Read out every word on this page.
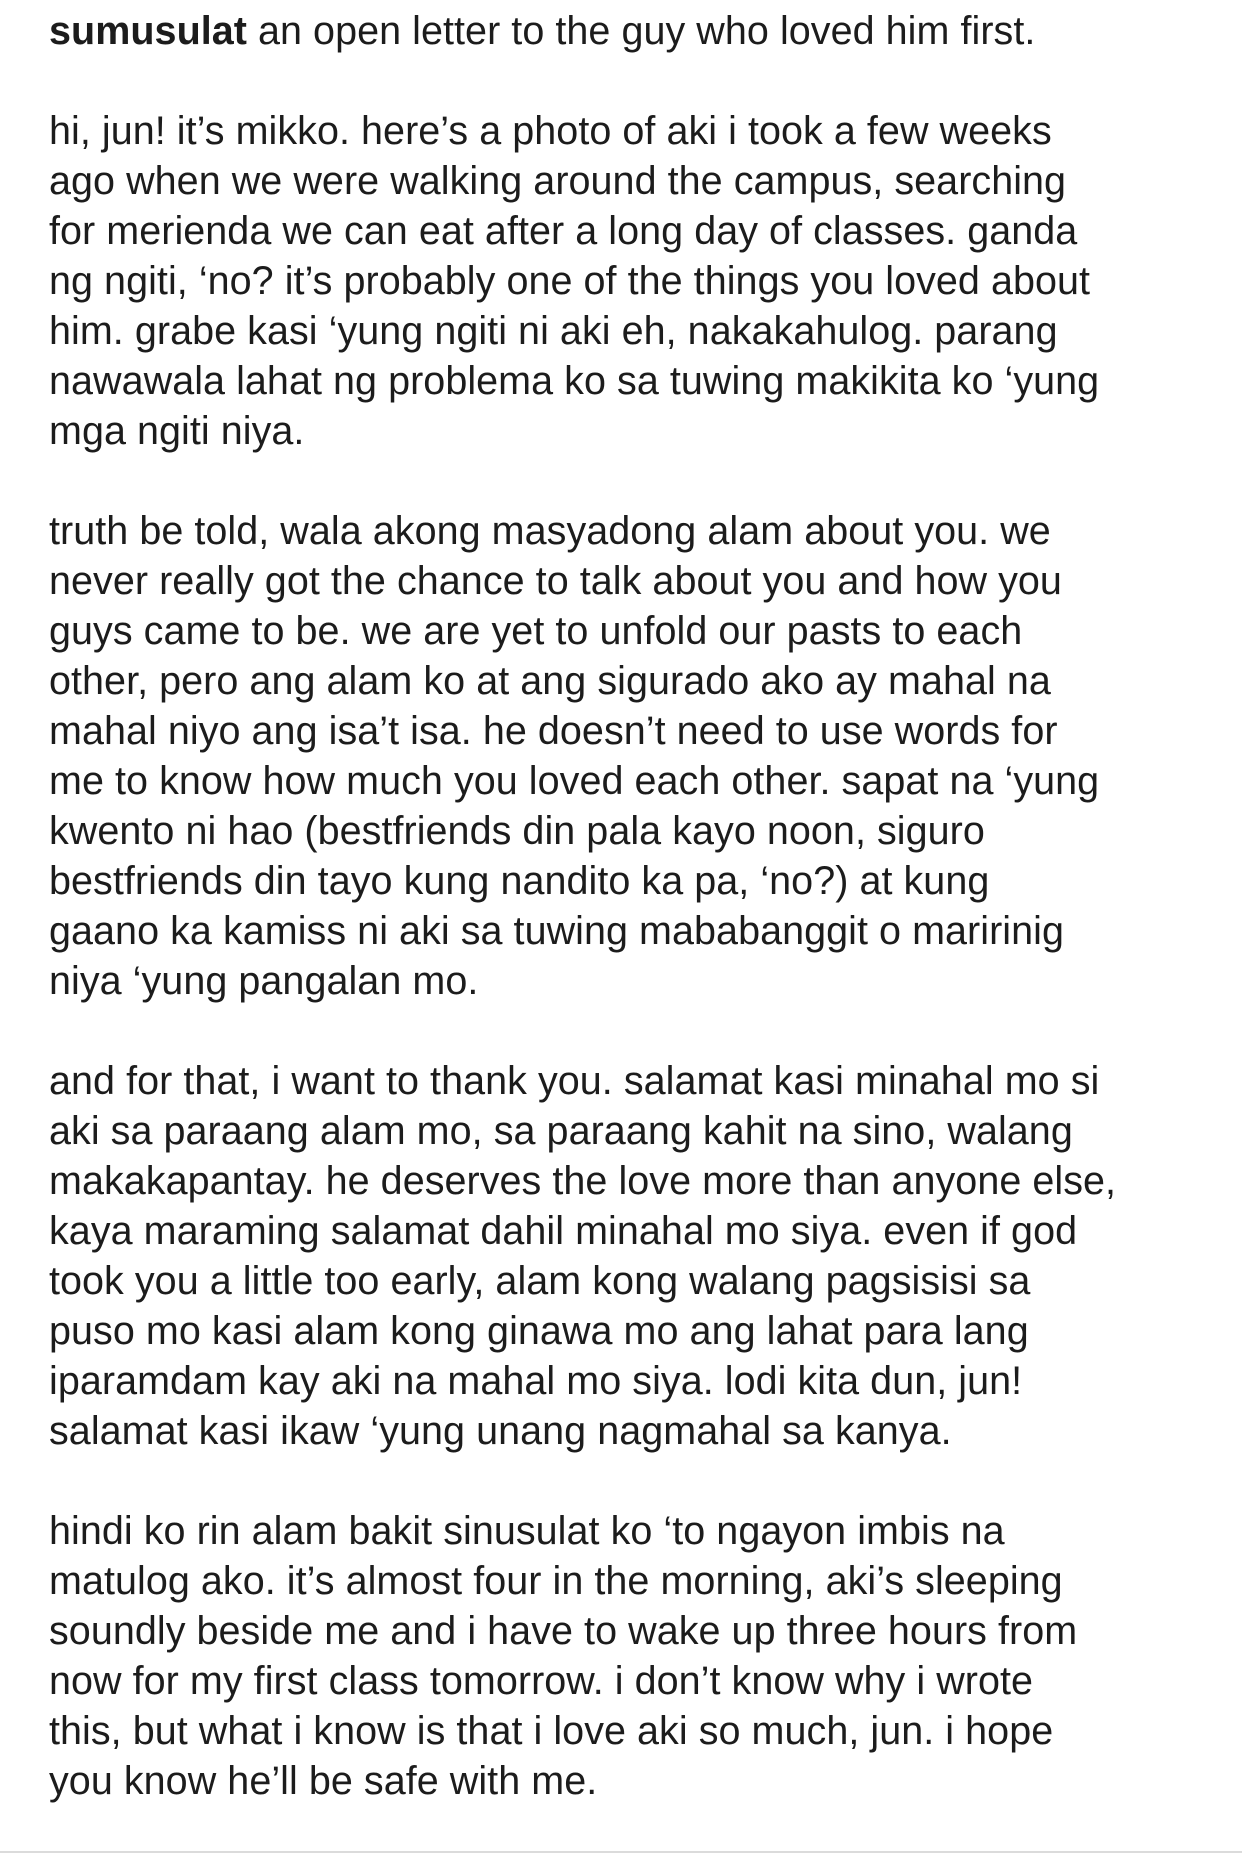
sumusulat an open letter to the guy who loved him first.
hi, jun! it’s mikko. here’s a photo of aki i took a few weeks
ago when we were walking around the campus, searching
for merienda we can eat after a long day of classes. ganda
ng ngiti, ‘no? it’s probably one of the things you loved about
him. grabe kasi ‘yung ngiti ni aki eh, nakakahulog. parang
nawawala lahat ng problema ko sa tuwing makikita ko ‘yung
mga ngiti niya.
truth be told, wala akong masyadong alam about you. we
never really got the chance to talk about you and how you
guys came to be. we are yet to unfold our pasts to each
other, pero ang alam ko at ang sigurado ako ay mahal na
mahal niyo ang isa’t isa. he doesn’t need to use words for
me to know how much you loved each other. sapat na ‘yung
kwento ni hao (bestfriends din pala kayo noon, siguro
bestfriends din tayo kung nandito ka pa, ‘no?) at kung
gaano ka kamiss ni aki sa tuwing mababanggit o maririnig
niya ‘yung pangalan mo.
and for that, i want to thank you. salamat kasi minahal mo si
aki sa paraang alam mo, sa paraang kahit na sino, walang
makakapantay. he deserves the love more than anyone else,
kaya maraming salamat dahil minahal mo siya. even if god
took you a little too early, alam kong walang pagsisisi sa
puso mo kasi alam kong ginawa mo ang lahat para lang
iparamdam kay aki na mahal mo siya. lodi kita dun, jun!
salamat kasi ikaw ‘yung unang nagmahal sa kanya.
hindi ko rin alam bakit sinusulat ko ‘to ngayon imbis na
matulog ako. it’s almost four in the morning, aki’s sleeping
soundly beside me and i have to wake up three hours from
now for my first class tomorrow. i don’t know why i wrote
this, but what i know is that i love aki so much, jun. i hope
you know he’ll be safe with me.
